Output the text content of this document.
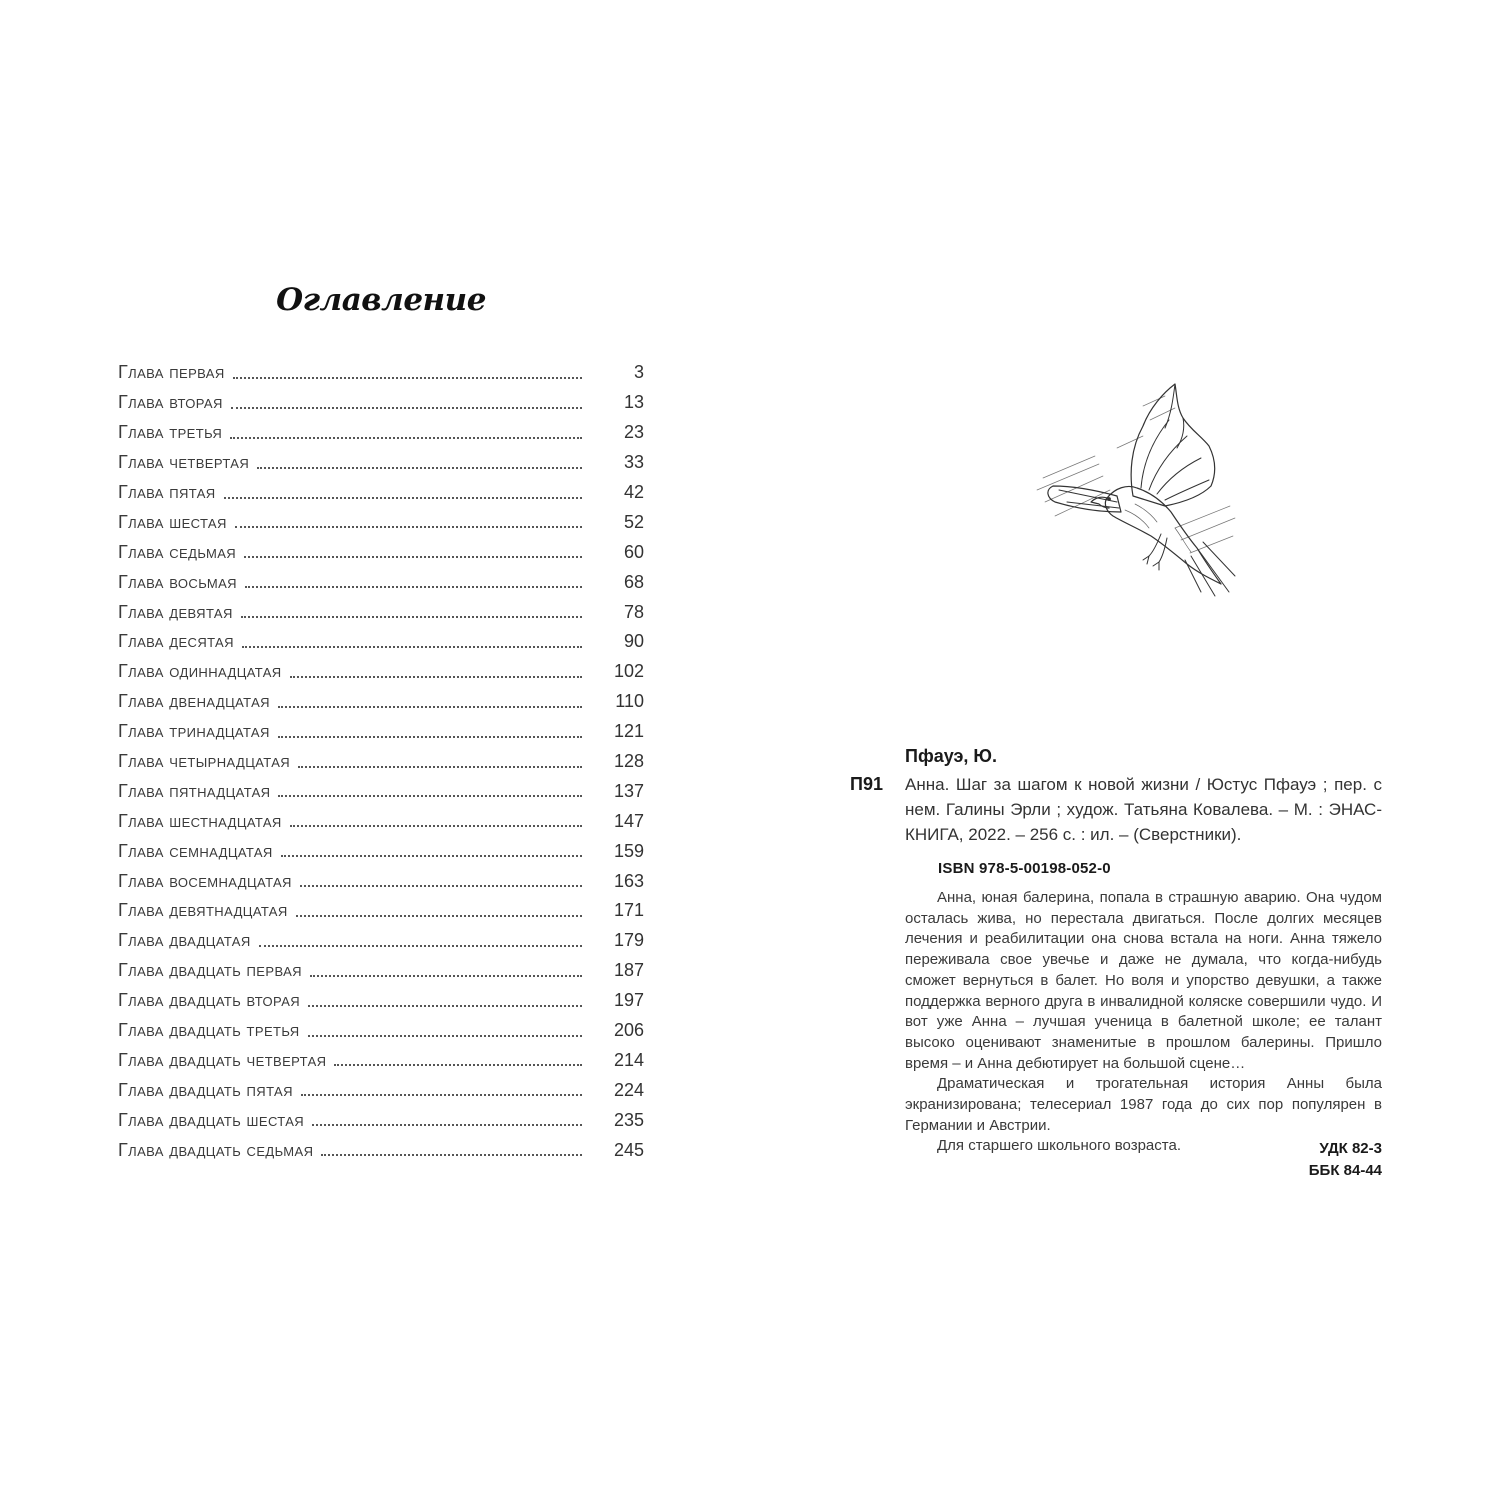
Оглавление
Глава первая	3
Глава вторая	13
Глава третья	23
Глава четвертая	33
Глава пятая	42
Глава шестая	52
Глава седьмая	60
Глава восьмая	68
Глава девятая	78
Глава десятая	90
Глава одиннадцатая	102
Глава двенадцатая	110
Глава тринадцатая	121
Глава четырнадцатая	128
Глава пятнадцатая	137
Глава шестнадцатая	147
Глава семнадцатая	159
Глава восемнадцатая	163
Глава девятнадцатая	171
Глава двадцатая	179
Глава двадцать первая	187
Глава двадцать вторая	197
Глава двадцать третья	206
Глава двадцать четвертая	214
Глава двадцать пятая	224
Глава двадцать шестая	235
Глава двадцать седьмая	245
Пфауэ, Ю.
П91 Анна. Шаг за шагом к новой жизни / Юстус Пфауэ ; пер. с нем. Галины Эрли ; худож. Татьяна Ковалева. – М. : ЭНАС-КНИГА, 2022. – 256 с. : ил. – (Сверстники).
ISBN 978-5-00198-052-0

Анна, юная балерина, попала в страшную аварию. Она чудом осталась жива, но перестала двигаться. После долгих месяцев лечения и реабилитации она снова встала на ноги. Анна тяжело переживала свое увечье и даже не думала, что когда-нибудь сможет вернуться в балет. Но воля и упорство девушки, а также поддержка верного друга в инвалидной коляске совершили чудо. И вот уже Анна – лучшая ученица в балетной школе; ее талант высоко оценивают знаменитые в прошлом балерины. Пришло время – и Анна дебютирует на большой сцене…

Драматическая и трогательная история Анны была экранизирована; телесериал 1987 года до сих пор популярен в Германии и Австрии.

Для старшего школьного возраста.	УДК 82-3
ББК 84-44
